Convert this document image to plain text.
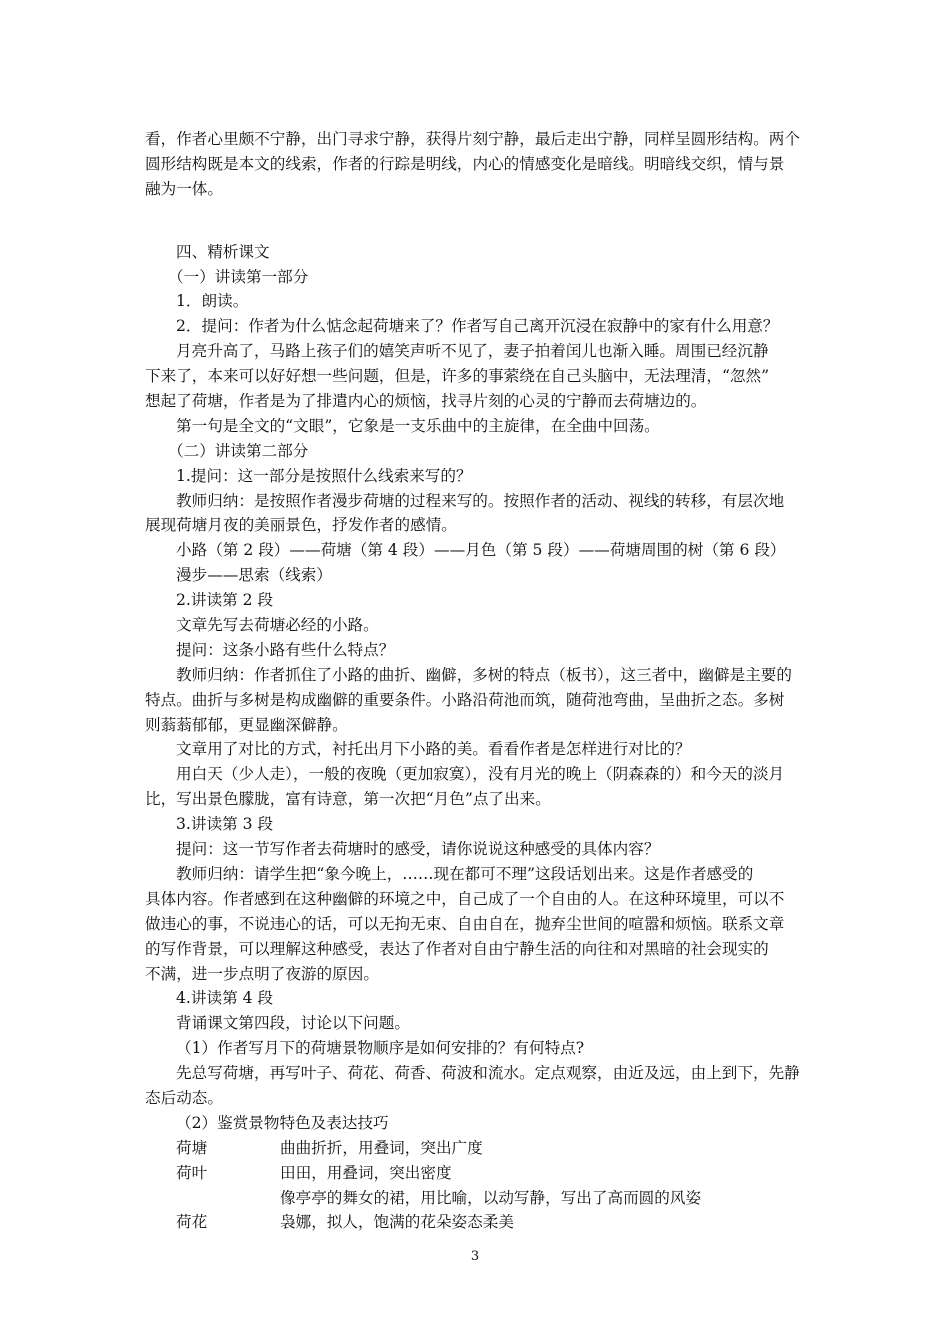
看，作者心里颇不宁静，出门寻求宁静，获得片刻宁静，最后走出宁静，同样呈圆形结构。两个
圆形结构既是本文的线索，作者的行踪是明线，内心的情感变化是暗线。明暗线交织，情与景
融为一体。
四、精析课文
（一）讲读第一部分
1．朗读。
2．提问：作者为什么惦念起荷塘来了？作者写自己离开沉浸在寂静中的家有什么用意？
月亮升高了，马路上孩子们的嬉笑声听不见了，妻子拍着闰儿也渐入睡。周围已经沉静
下来了，本来可以好好想一些问题，但是，许多的事萦绕在自己头脑中，无法理清，“忽然”
想起了荷塘，作者是为了排遣内心的烦恼，找寻片刻的心灵的宁静而去荷塘边的。
第一句是全文的“文眼”，它象是一支乐曲中的主旋律，在全曲中回荡。
（二）讲读第二部分
1.提问：这一部分是按照什么线索来写的？
教师归纳：是按照作者漫步荷塘的过程来写的。按照作者的活动、视线的转移，有层次地
展现荷塘月夜的美丽景色，抒发作者的感情。
小路（第 2 段）——荷塘（第 4 段）——月色（第 5 段）——荷塘周围的树（第 6 段）
漫步——思索（线索）
2.讲读第 2 段
文章先写去荷塘必经的小路。
提问：这条小路有些什么特点？
教师归纳：作者抓住了小路的曲折、幽僻，多树的特点（板书），这三者中，幽僻是主要的
特点。曲折与多树是构成幽僻的重要条件。小路沿荷池而筑，随荷池弯曲，呈曲折之态。多树
则蓊蓊郁郁，更显幽深僻静。
文章用了对比的方式，衬托出月下小路的美。看看作者是怎样进行对比的？
用白天（少人走），一般的夜晚（更加寂寞），没有月光的晚上（阴森森的）和今天的淡月
比，写出景色朦胧，富有诗意，第一次把“月色”点了出来。
3.讲读第 3 段
提问：这一节写作者去荷塘时的感受，请你说说这种感受的具体内容？
教师归纳：请学生把“象今晚上，……现在都可不理”这段话划出来。这是作者感受的
具体内容。作者感到在这种幽僻的环境之中，自己成了一个自由的人。在这种环境里，可以不
做违心的事，不说违心的话，可以无拘无束、自由自在，抛弃尘世间的喧嚣和烦恼。联系文章
的写作背景，可以理解这种感受，表达了作者对自由宁静生活的向往和对黑暗的社会现实的
不满，进一步点明了夜游的原因。
4.讲读第 4 段
背诵课文第四段，讨论以下问题。
（1）作者写月下的荷塘景物顺序是如何安排的？有何特点?
先总写荷塘，再写叶子、荷花、荷香、荷波和流水。定点观察，由近及远，由上到下，先静
态后动态。
（2）鉴赏景物特色及表达技巧
荷塘	曲曲折折，用叠词，突出广度
荷叶	田田，用叠词，突出密度
像亭亭的舞女的裙，用比喻，以动写静，写出了高而圆的风姿
荷花	袅娜，拟人，饱满的花朵姿态柔美
3
